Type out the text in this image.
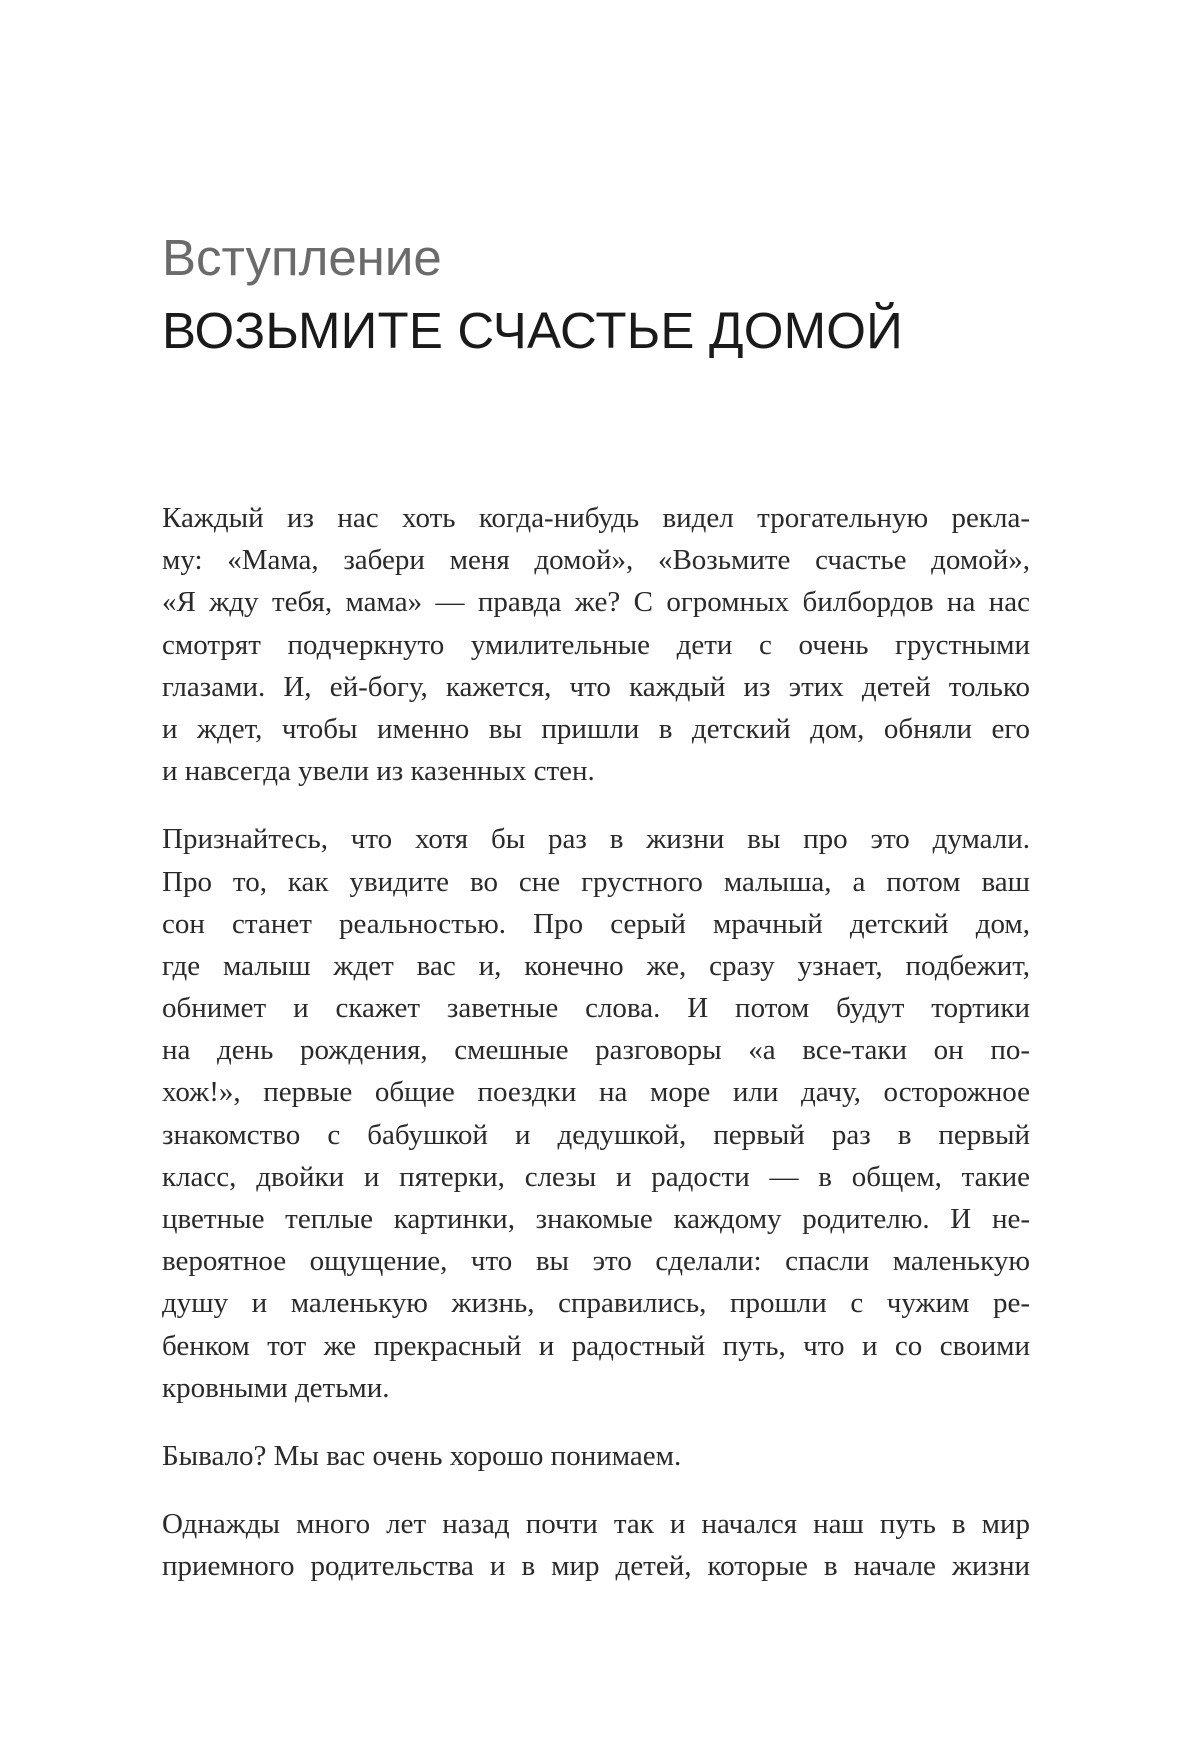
Вступление
ВОЗЬМИТЕ СЧАСТЬЕ ДОМОЙ

Каждый из нас хоть когда-нибудь видел трогательную рекла-
му: «Мама, забери меня домой», «Возьмите счастье домой»,
«Я жду тебя, мама» — правда же? С огромных билбордов на нас
смотрят подчеркнуто умилительные дети с очень грустными
глазами. И, ей-богу, кажется, что каждый из этих детей только
и ждет, чтобы именно вы пришли в детский дом, обняли его
и навсегда увели из казенных стен.

Признайтесь, что хотя бы раз в жизни вы про это думали.
Про то, как увидите во сне грустного малыша, а потом ваш
сон станет реальностью. Про серый мрачный детский дом,
где малыш ждет вас и, конечно же, сразу узнает, подбежит,
обнимет и скажет заветные слова. И потом будут тортики
на день рождения, смешные разговоры «а все-таки он по-
хож!», первые общие поездки на море или дачу, осторожное
знакомство с бабушкой и дедушкой, первый раз в первый
класс, двойки и пятерки, слезы и радости — в общем, такие
цветные теплые картинки, знакомые каждому родителю. И не-
вероятное ощущение, что вы это сделали: спасли маленькую
душу и маленькую жизнь, справились, прошли с чужим ре-
бенком тот же прекрасный и радостный путь, что и со своими
кровными детьми.

Бывало? Мы вас очень хорошо понимаем.

Однажды много лет назад почти так и начался наш путь в мир
приемного родительства и в мир детей, которые в начале жизни
